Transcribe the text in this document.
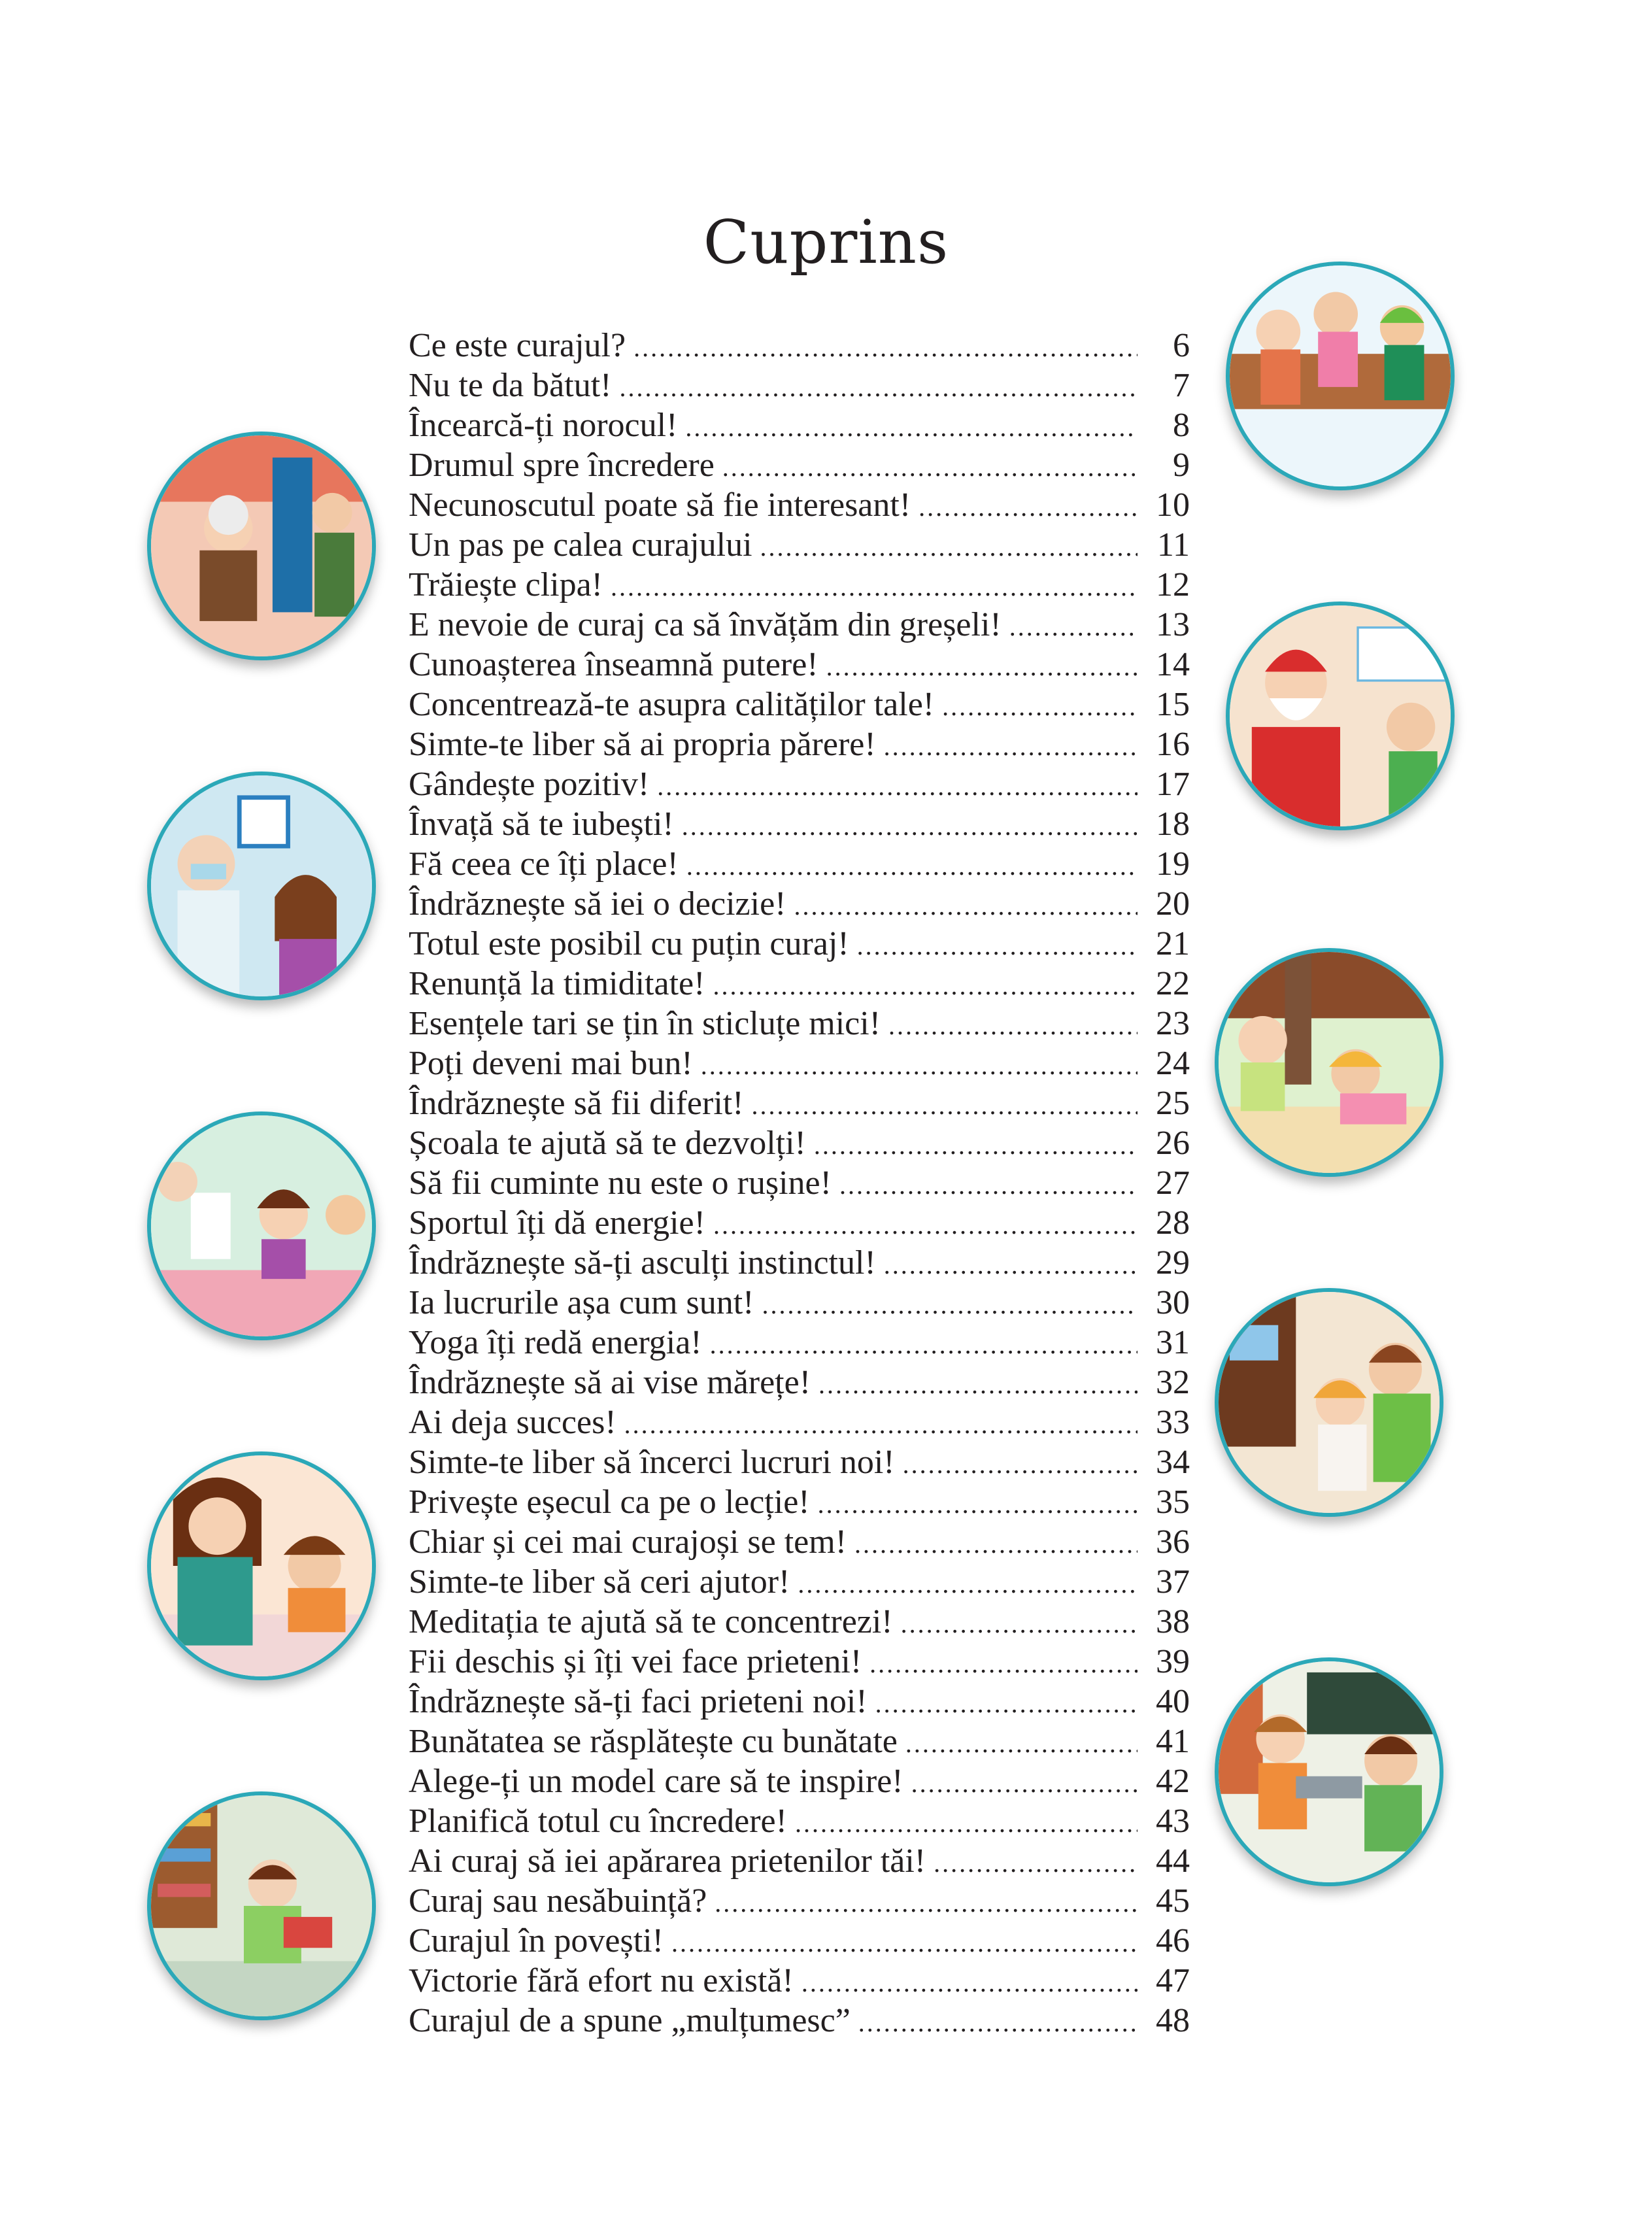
Cuprins
Ce este curajul? .....	6
Nu te da bătut! .....	7
Încearcă-ți norocul! .....	8
Drumul spre încredere .....	9
Necunoscutul poate să fie interesant! .....	10
Un pas pe calea curajului .....	11
Trăiește clipa! .....	12
E nevoie de curaj ca să învățăm din greșeli! .....	13
Cunoașterea înseamnă putere! .....	14
Concentrează-te asupra calităților tale! .....	15
Simte-te liber să ai propria părere! .....	16
Gândește pozitiv! .....	17
Învață să te iubești! .....	18
Fă ceea ce îți place! .....	19
Îndrăznește să iei o decizie! .....	20
Totul este posibil cu puțin curaj! .....	21
Renunță la timiditate! .....	22
Esențele tari se țin în sticluțe mici! .....	23
Poți deveni mai bun! .....	24
Îndrăznește să fii diferit! .....	25
Școala te ajută să te dezvolți! .....	26
Să fii cuminte nu este o rușine! .....	27
Sportul îți dă energie! .....	28
Îndrăznește să-ți asculți instinctul! .....	29
Ia lucrurile așa cum sunt! .....	30
Yoga îți redă energia! .....	31
Îndrăznește să ai vise mărețe! .....	32
Ai deja succes! .....	33
Simte-te liber să încerci lucruri noi! .....	34
Privește eșecul ca pe o lecție! .....	35
Chiar și cei mai curajoși se tem! .....	36
Simte-te liber să ceri ajutor! .....	37
Meditația te ajută să te concentrezi! .....	38
Fii deschis și îți vei face prieteni! .....	39
Îndrăznește să-ți faci prieteni noi! .....	40
Bunătatea se răsplătește cu bunătate .....	41
Alege-ți un model care să te inspire! .....	42
Planifică totul cu încredere! .....	43
Ai curaj să iei apărarea prietenilor tăi! .....	44
Curaj sau nesăbuință? .....	45
Curajul în povești! .....	46
Victorie fără efort nu există! .....	47
Curajul de a spune „mulțumesc” .....	48
